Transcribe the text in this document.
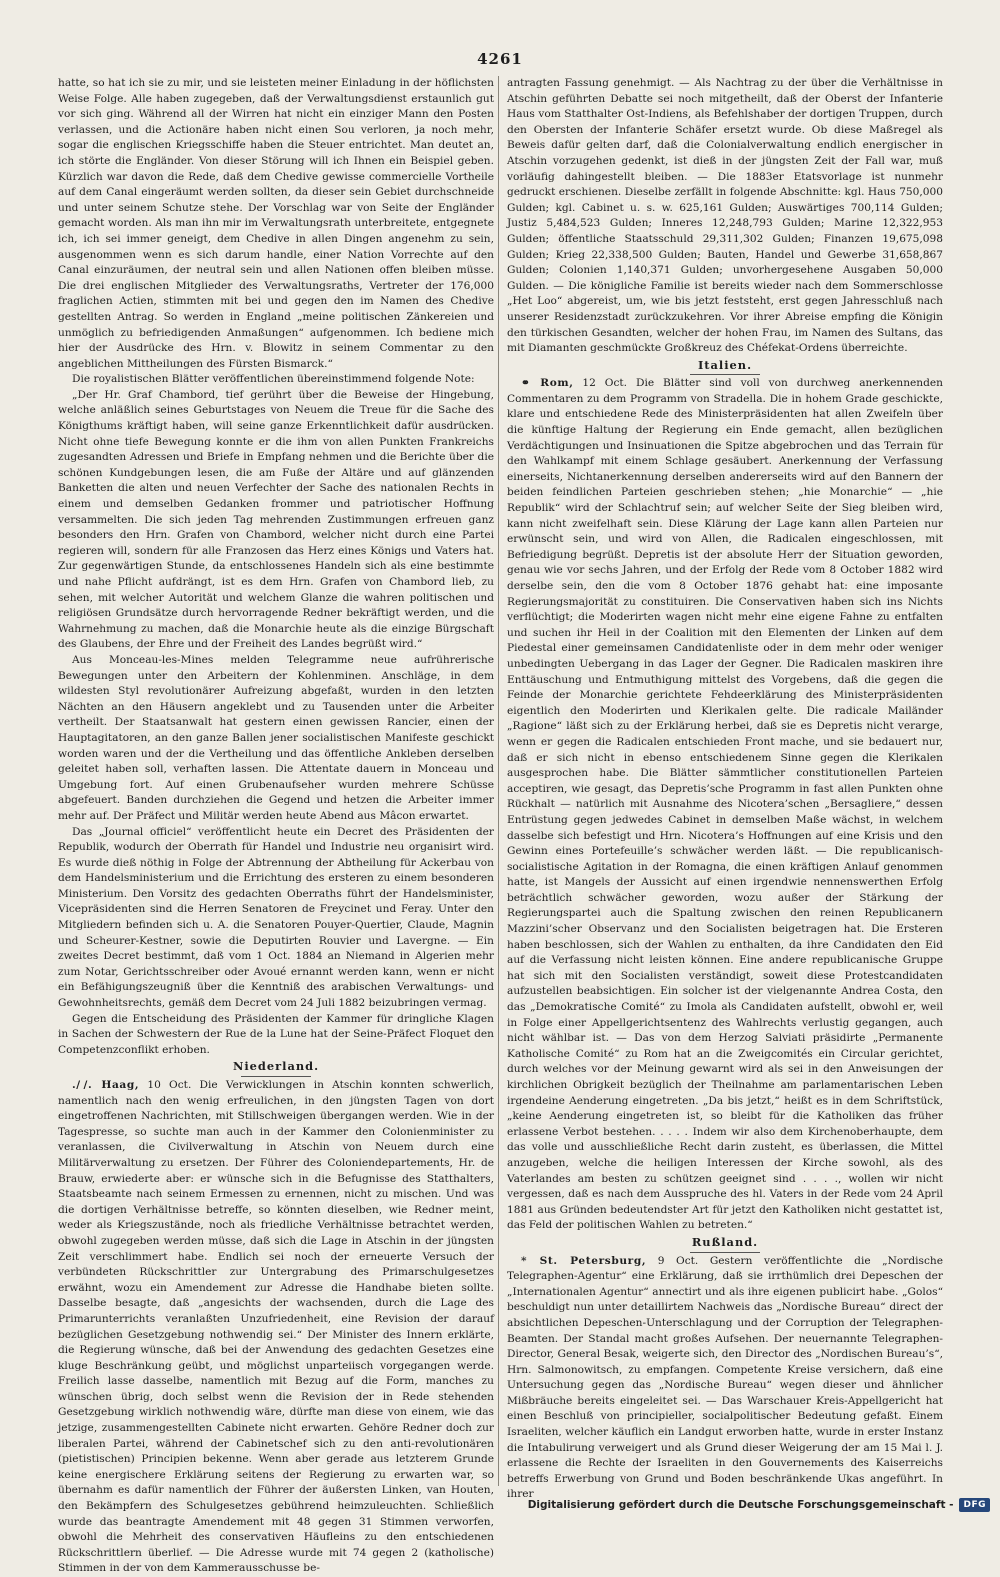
4261

hatte, so hat ich sie zu mir, und sie leisteten meiner Einladung in der höflichsten Weise Folge. Alle haben zugegeben, daß der Verwaltungsdienst erstaunlich gut vor sich ging. Während all der Wirren hat nicht ein einziger Mann den Posten verlassen, und die Actionäre haben nicht einen Sou verloren, ja noch mehr, sogar die englischen Kriegsschiffe haben die Steuer entrichtet. Man deutet an, ich störte die Engländer. Von dieser Störung will ich Ihnen ein Beispiel geben. Kürzlich war davon die Rede, daß dem Chedive gewisse commercielle Vortheile auf dem Canal eingeräumt werden sollten, da dieser sein Gebiet durchschneide und unter seinem Schutze stehe. Der Vorschlag war von Seite der Engländer gemacht worden. Als man ihn mir im Verwaltungsrath unterbreitete, entgegnete ich, ich sei immer geneigt, dem Chedive in allen Dingen angenehm zu sein, ausgenommen wenn es sich darum handle, einer Nation Vorrechte auf den Canal einzuräumen, der neutral sein und allen Nationen offen bleiben müsse. Die drei englischen Mitglieder des Verwaltungsraths, Vertreter der 176,000 fraglichen Actien, stimmten mit bei und gegen den im Namen des Chedive gestellten Antrag. So werden in England „meine politischen Zänkereien und unmöglich zu befriedigenden Anmaßungen“ aufgenommen. Ich bediene mich hier der Ausdrücke des Hrn. v. Blowitz in seinem Commentar zu den angeblichen Mittheilungen des Fürsten Bismarck.“

Die royalistischen Blätter veröffentlichen übereinstimmend folgende Note:

„Der Hr. Graf Chambord, tief gerührt über die Beweise der Hingebung, welche anläßlich seines Geburtstages von Neuem die Treue für die Sache des Königthums kräftigt haben, will seine ganze Erkenntlichkeit dafür ausdrücken. Nicht ohne tiefe Bewegung konnte er die ihm von allen Punkten Frankreichs zugesandten Adressen und Briefe in Empfang nehmen und die Berichte über die schönen Kundgebungen lesen, die am Fuße der Altäre und auf glänzenden Banketten die alten und neuen Verfechter der Sache des nationalen Rechts in einem und demselben Gedanken frommer und patriotischer Hoffnung versammelten. Die sich jeden Tag mehrenden Zustimmungen erfreuen ganz besonders den Hrn. Grafen von Chambord, welcher nicht durch eine Partei regieren will, sondern für alle Franzosen das Herz eines Königs und Vaters hat. Zur gegenwärtigen Stunde, da entschlossenes Handeln sich als eine bestimmte und nahe Pflicht aufdrängt, ist es dem Hrn. Grafen von Chambord lieb, zu sehen, mit welcher Autorität und welchem Glanze die wahren politischen und religiösen Grundsätze durch hervorragende Redner bekräftigt werden, und die Wahrnehmung zu machen, daß die Monarchie heute als die einzige Bürgschaft des Glaubens, der Ehre und der Freiheit des Landes begrüßt wird.“

Aus Monceau-les-Mines melden Telegramme neue aufrührerische Bewegungen unter den Arbeitern der Kohlenminen. Anschläge, in dem wildesten Styl revolutionärer Aufreizung abgefaßt, wurden in den letzten Nächten an den Häusern angeklebt und zu Tausenden unter die Arbeiter vertheilt. Der Staatsanwalt hat gestern einen gewissen Rancier, einen der Hauptagitatoren, an den ganze Ballen jener socialistischen Manifeste geschickt worden waren und der die Vertheilung und das öffentliche Ankleben derselben geleitet haben soll, verhaften lassen. Die Attentate dauern in Monceau und Umgebung fort. Auf einen Grubenaufseher wurden mehrere Schüsse abgefeuert. Banden durchziehen die Gegend und hetzen die Arbeiter immer mehr auf. Der Präfect und Militär werden heute Abend aus Mâcon erwartet.

Das „Journal officiel“ veröffentlicht heute ein Decret des Präsidenten der Republik, wodurch der Oberrath für Handel und Industrie neu organisirt wird. Es wurde dieß nöthig in Folge der Abtrennung der Abtheilung für Ackerbau von dem Handelsministerium und die Errichtung des ersteren zu einem besonderen Ministerium. Den Vorsitz des gedachten Oberraths führt der Handelsminister, Vicepräsidenten sind die Herren Senatoren de Freycinet und Feray. Unter den Mitgliedern befinden sich u. A. die Senatoren Pouyer-Quertier, Claude, Magnin und Scheurer-Kestner, sowie die Deputirten Rouvier und Lavergne. — Ein zweites Decret bestimmt, daß vom 1 Oct. 1884 an Niemand in Algerien mehr zum Notar, Gerichtsschreiber oder Avoué ernannt werden kann, wenn er nicht ein Befähigungszeugniß über die Kenntniß des arabischen Verwaltungs- und Gewohnheitsrechts, gemäß dem Decret vom 24 Juli 1882 beizubringen vermag.

Gegen die Entscheidung des Präsidenten der Kammer für dringliche Klagen in Sachen der Schwestern der Rue de la Lune hat der Seine-Präfect Floquet den Competenzconflikt erhoben.

Niederland.

./ /. Haag, 10 Oct. Die Verwicklungen in Atschin konnten schwerlich, namentlich nach den wenig erfreulichen, in den jüngsten Tagen von dort eingetroffenen Nachrichten, mit Stillschweigen übergangen werden. Wie in der Tagespresse, so suchte man auch in der Kammer den Colonienminister zu veranlassen, die Civilverwaltung in Atschin von Neuem durch eine Militärverwaltung zu ersetzen. Der Führer des Coloniendepartements, Hr. de Brauw, erwiederte aber: er wünsche sich in die Befugnisse des Statthalters, Staatsbeamte nach seinem Ermessen zu ernennen, nicht zu mischen. Und was die dortigen Verhältnisse betreffe, so könnten dieselben, wie Redner meint, weder als Kriegszustände, noch als friedliche Verhältnisse betrachtet werden, obwohl zugegeben werden müsse, daß sich die Lage in Atschin in der jüngsten Zeit verschlimmert habe. Endlich sei noch der erneuerte Versuch der verbündeten Rückschrittler zur Untergrabung des Primarschulgesetzes erwähnt, wozu ein Amendement zur Adresse die Handhabe bieten sollte. Dasselbe besagte, daß „angesichts der wachsenden, durch die Lage des Primarunterrichts veranlaßten Unzufriedenheit, eine Revision der darauf bezüglichen Gesetzgebung nothwendig sei.“ Der Minister des Innern erklärte, die Regierung wünsche, daß bei der Anwendung des gedachten Gesetzes eine kluge Beschränkung geübt, und möglichst unparteiisch vorgegangen werde. Freilich lasse dasselbe, namentlich mit Bezug auf die Form, manches zu wünschen übrig, doch selbst wenn die Revision der in Rede stehenden Gesetzgebung wirklich nothwendig wäre, dürfte man diese von einem, wie das jetzige, zusammengestellten Cabinete nicht erwarten. Gehöre Redner doch zur liberalen Partei, während der Cabinetschef sich zu den anti-revolutionären (pietistischen) Principien bekenne. Wenn aber gerade aus letzterem Grunde keine energischere Erklärung seitens der Regierung zu erwarten war, so übernahm es dafür namentlich der Führer der äußersten Linken, van Houten, den Bekämpfern des Schulgesetzes gebührend heimzuleuchten. Schließlich wurde das beantragte Amendement mit 48 gegen 31 Stimmen verworfen, obwohl die Mehrheit des conservativen Häufleins zu den entschiedenen Rückschrittlern überlief. — Die Adresse wurde mit 74 gegen 2 (katholische) Stimmen in der von dem Kammerausschusse be-

antragten Fassung genehmigt. — Als Nachtrag zu der über die Verhältnisse in Atschin geführten Debatte sei noch mitgetheilt, daß der Oberst der Infanterie Haus vom Statthalter Ost-Indiens, als Befehlshaber der dortigen Truppen, durch den Obersten der Infanterie Schäfer ersetzt wurde. Ob diese Maßregel als Beweis dafür gelten darf, daß die Colonialverwaltung endlich energischer in Atschin vorzugehen gedenkt, ist dieß in der jüngsten Zeit der Fall war, muß vorläufig dahingestellt bleiben. — Die 1883er Etatsvorlage ist nunmehr gedruckt erschienen. Dieselbe zerfällt in folgende Abschnitte: kgl. Haus 750,000 Gulden; kgl. Cabinet u. s. w. 625,161 Gulden; Auswärtiges 700,114 Gulden; Justiz 5,484,523 Gulden; Inneres 12,248,793 Gulden; Marine 12,322,953 Gulden; öffentliche Staatsschuld 29,311,302 Gulden; Finanzen 19,675,098 Gulden; Krieg 22,338,500 Gulden; Bauten, Handel und Gewerbe 31,658,867 Gulden; Colonien 1,140,371 Gulden; unvorhergesehene Ausgaben 50,000 Gulden. — Die königliche Familie ist bereits wieder nach dem Sommerschlosse „Het Loo“ abgereist, um, wie bis jetzt feststeht, erst gegen Jahresschluß nach unserer Residenzstadt zurückzukehren. Vor ihrer Abreise empfing die Königin den türkischen Gesandten, welcher der hohen Frau, im Namen des Sultans, das mit Diamanten geschmückte Großkreuz des Chéfekat-Ordens überreichte.

Italien.

⚭ Rom, 12 Oct. Die Blätter sind voll von durchweg anerkennenden Commentaren zu dem Programm von Stradella. Die in hohem Grade geschickte, klare und entschiedene Rede des Ministerpräsidenten hat allen Zweifeln über die künftige Haltung der Regierung ein Ende gemacht, allen bezüglichen Verdächtigungen und Insinuationen die Spitze abgebrochen und das Terrain für den Wahlkampf mit einem Schlage gesäubert. Anerkennung der Verfassung einerseits, Nichtanerkennung derselben andererseits wird auf den Bannern der beiden feindlichen Parteien geschrieben stehen; „hie Monarchie“ — „hie Republik“ wird der Schlachtruf sein; auf welcher Seite der Sieg bleiben wird, kann nicht zweifelhaft sein. Diese Klärung der Lage kann allen Parteien nur erwünscht sein, und wird von Allen, die Radicalen eingeschlossen, mit Befriedigung begrüßt. Depretis ist der absolute Herr der Situation geworden, genau wie vor sechs Jahren, und der Erfolg der Rede vom 8 October 1882 wird derselbe sein, den die vom 8 October 1876 gehabt hat: eine imposante Regierungsmajorität zu constituiren. Die Conservativen haben sich ins Nichts verflüchtigt; die Moderirten wagen nicht mehr eine eigene Fahne zu entfalten und suchen ihr Heil in der Coalition mit den Elementen der Linken auf dem Piedestal einer gemeinsamen Candidatenliste oder in dem mehr oder weniger unbedingten Uebergang in das Lager der Gegner. Die Radicalen maskiren ihre Enttäuschung und Entmuthigung mittelst des Vorgebens, daß die gegen die Feinde der Monarchie gerichtete Fehdeerklärung des Ministerpräsidenten eigentlich den Moderirten und Klerikalen gelte. Die radicale Mailänder „Ragione“ läßt sich zu der Erklärung herbei, daß sie es Depretis nicht verarge, wenn er gegen die Radicalen entschieden Front mache, und sie bedauert nur, daß er sich nicht in ebenso entschiedenem Sinne gegen die Klerikalen ausgesprochen habe. Die Blätter sämmtlicher constitutionellen Parteien acceptiren, wie gesagt, das Depretis’sche Programm in fast allen Punkten ohne Rückhalt — natürlich mit Ausnahme des Nicotera’schen „Bersagliere,“ dessen Entrüstung gegen jedwedes Cabinet in demselben Maße wächst, in welchem dasselbe sich befestigt und Hrn. Nicotera’s Hoffnungen auf eine Krisis und den Gewinn eines Portefeuille’s schwächer werden läßt. — Die republicanisch-socialistische Agitation in der Romagna, die einen kräftigen Anlauf genommen hatte, ist Mangels der Aussicht auf einen irgendwie nennenswerthen Erfolg beträchtlich schwächer geworden, wozu außer der Stärkung der Regierungspartei auch die Spaltung zwischen den reinen Republicanern Mazzini’scher Observanz und den Socialisten beigetragen hat. Die Ersteren haben beschlossen, sich der Wahlen zu enthalten, da ihre Candidaten den Eid auf die Verfassung nicht leisten können. Eine andere republicanische Gruppe hat sich mit den Socialisten verständigt, soweit diese Protestcandidaten aufzustellen beabsichtigen. Ein solcher ist der vielgenannte Andrea Costa, den das „Demokratische Comité“ zu Imola als Candidaten aufstellt, obwohl er, weil in Folge einer Appellgerichtsentenz des Wahlrechts verlustig gegangen, auch nicht wählbar ist. — Das von dem Herzog Salviati präsidirte „Permanente Katholische Comité“ zu Rom hat an die Zweigcomités ein Circular gerichtet, durch welches vor der Meinung gewarnt wird als sei in den Anweisungen der kirchlichen Obrigkeit bezüglich der Theilnahme am parlamentarischen Leben irgendeine Aenderung eingetreten. „Da bis jetzt,“ heißt es in dem Schriftstück, „keine Aenderung eingetreten ist, so bleibt für die Katholiken das früher erlassene Verbot bestehen. . . . . Indem wir also dem Kirchenoberhaupte, dem das volle und ausschließliche Recht darin zusteht, es überlassen, die Mittel anzugeben, welche die heiligen Interessen der Kirche sowohl, als des Vaterlandes am besten zu schützen geeignet sind . . . ., wollen wir nicht vergessen, daß es nach dem Ausspruche des hl. Vaters in der Rede vom 24 April 1881 aus Gründen bedeutendster Art für jetzt den Katholiken nicht gestattet ist, das Feld der politischen Wahlen zu betreten.“

Rußland.

* St. Petersburg, 9 Oct. Gestern veröffentlichte die „Nordische Telegraphen-Agentur“ eine Erklärung, daß sie irrthümlich drei Depeschen der „Internationalen Agentur“ annectirt und als ihre eigenen publicirt habe. „Golos“ beschuldigt nun unter detaillirtem Nachweis das „Nordische Bureau“ direct der absichtlichen Depeschen-Unterschlagung und der Corruption der Telegraphen-Beamten. Der Standal macht großes Aufsehen. Der neuernannte Telegraphen-Director, General Besak, weigerte sich, den Director des „Nordischen Bureau’s“, Hrn. Salmonowitsch, zu empfangen. Competente Kreise versichern, daß eine Untersuchung gegen das „Nordische Bureau“ wegen dieser und ähnlicher Mißbräuche bereits eingeleitet sei. — Das Warschauer Kreis-Appellgericht hat einen Beschluß von principieller, socialpolitischer Bedeutung gefaßt. Einem Israeliten, welcher käuflich ein Landgut erworben hatte, wurde in erster Instanz die Intabulirung verweigert und als Grund dieser Weigerung der am 15 Mai l. J. erlassene die Rechte der Israeliten in den Gouvernements des Kaiserreichs betreffs Erwerbung von Grund und Boden beschränkende Ukas angeführt. In ihrer

Digitalisierung gefördert durch die Deutsche Forschungsgemeinschaft -	DFG
